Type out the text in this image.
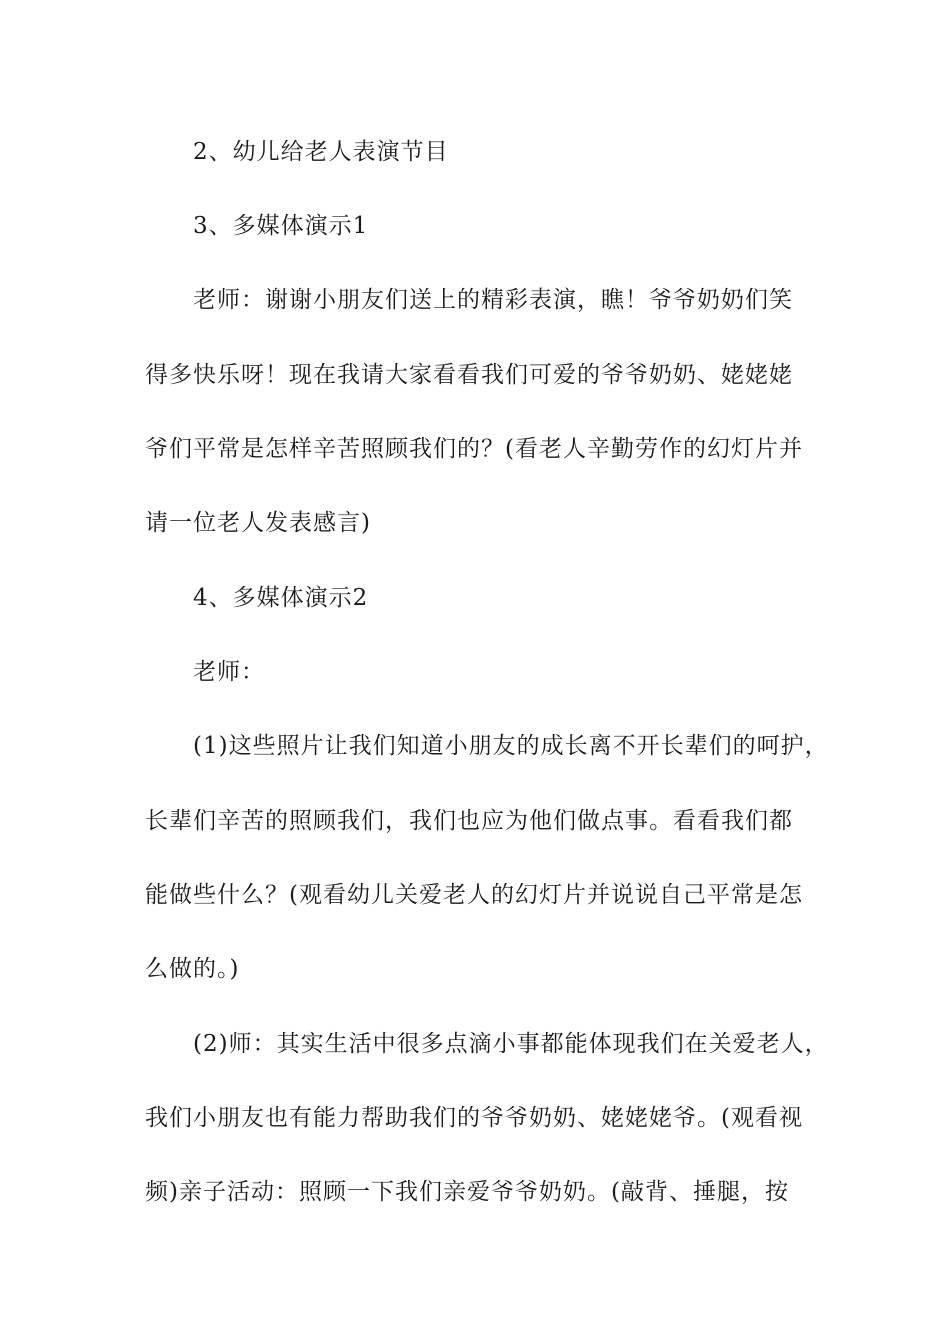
2、幼儿给老人表演节目
3、多媒体演示1
老师：谢谢小朋友们送上的精彩表演，瞧！爷爷奶奶们笑
得多快乐呀！现在我请大家看看我们可爱的爷爷奶奶、姥姥姥
爷们平常是怎样辛苦照顾我们的？(看老人辛勤劳作的幻灯片并
请一位老人发表感言)
4、多媒体演示2
老师：
(1)这些照片让我们知道小朋友的成长离不开长辈们的呵护，
长辈们辛苦的照顾我们，我们也应为他们做点事。看看我们都
能做些什么？(观看幼儿关爱老人的幻灯片并说说自己平常是怎
么做的。)
(2)师：其实生活中很多点滴小事都能体现我们在关爱老人，
我们小朋友也有能力帮助我们的爷爷奶奶、姥姥姥爷。(观看视
频)亲子活动：照顾一下我们亲爱爷爷奶奶。(敲背、捶腿，按
